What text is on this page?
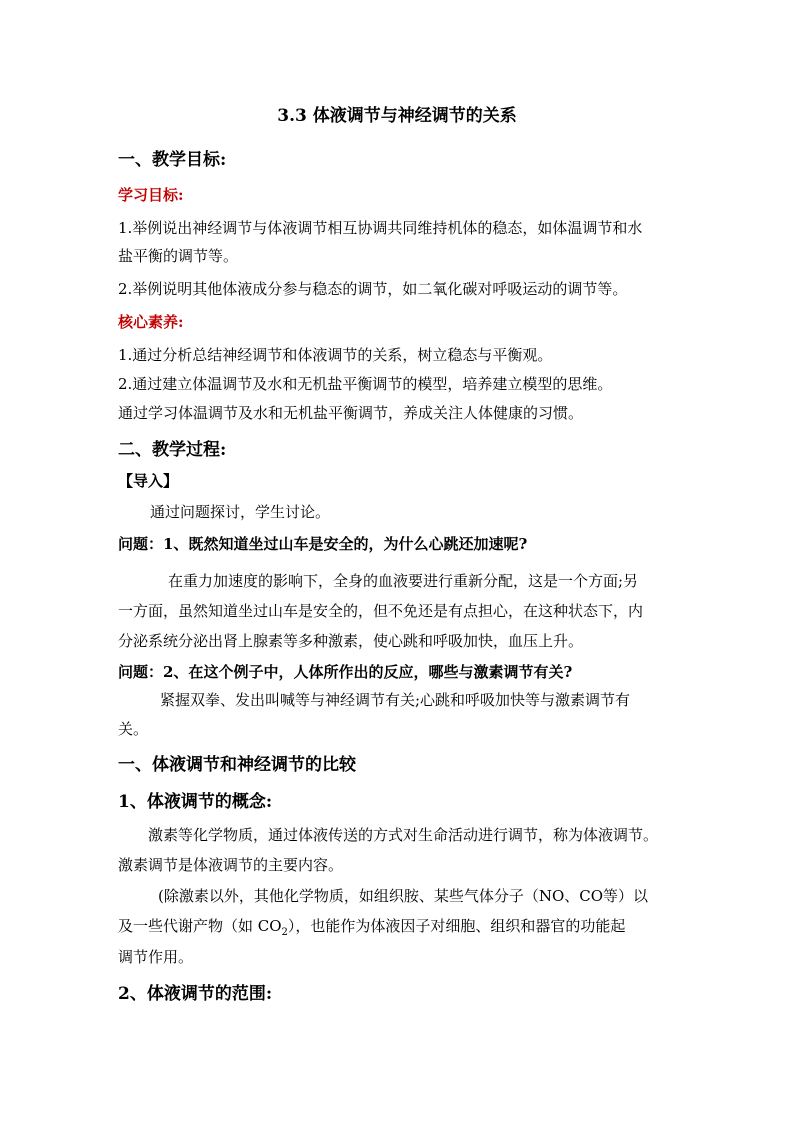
3.3 体液调节与神经调节的关系
一、教学目标:
学习目标:
1.举例说出神经调节与体液调节相互协调共同维持机体的稳态，如体温调节和水
盐平衡的调节等。
2.举例说明其他体液成分参与稳态的调节，如二氧化碳对呼吸运动的调节等。
核心素养:
1.通过分析总结神经调节和体液调节的关系，树立稳态与平衡观。
2.通过建立体温调节及水和无机盐平衡调节的模型，培养建立模型的思维。
通过学习体温调节及水和无机盐平衡调节，养成关注人体健康的习惯。
二、教学过程:
【导入】
通过问题探讨，学生讨论。
问题：1、既然知道坐过山车是安全的，为什么心跳还加速呢?
在重力加速度的影响下，全身的血液要进行重新分配，这是一个方面;另
一方面，虽然知道坐过山车是安全的，但不免还是有点担心，在这种状态下，内
分泌系统分泌出肾上腺素等多种激素，使心跳和呼吸加快，血压上升。
问题：2、在这个例子中，人体所作出的反应，哪些与激素调节有关?
紧握双拳、发出叫喊等与神经调节有关;心跳和呼吸加快等与激素调节有
关。
一、体液调节和神经调节的比较
1、体液调节的概念:
激素等化学物质，通过体液传送的方式对生命活动进行调节，称为体液调节。
激素调节是体液调节的主要内容。
(除激素以外，其他化学物质，如组织胺、某些气体分子（NO、CO等）以
及一些代谢产物（如 $CO_2$），也能作为体液因子对细胞、组织和器官的功能起
调节作用。
2、体液调节的范围:
